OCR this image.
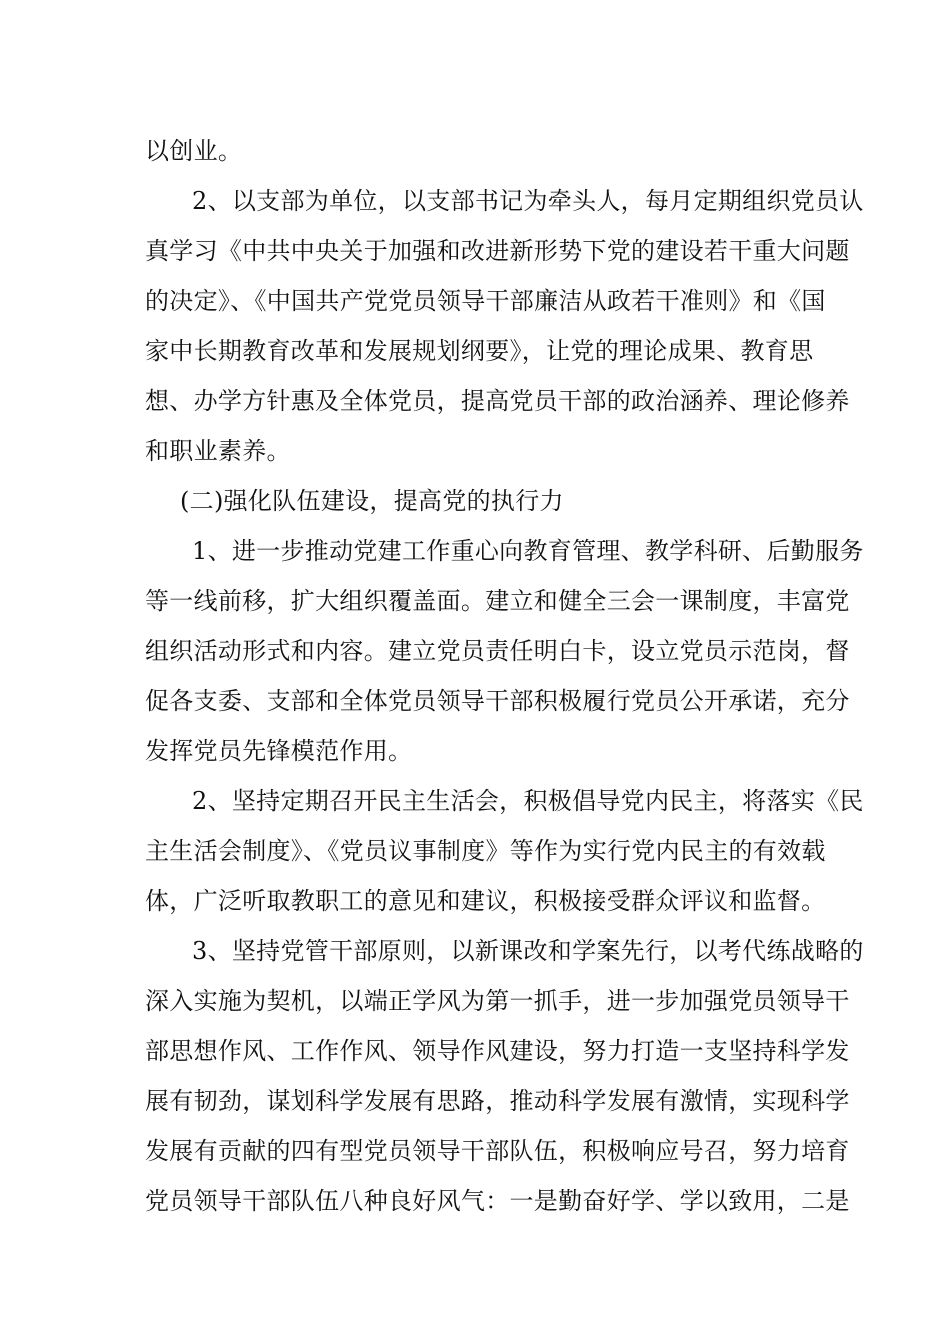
以创业。
2、以支部为单位，以支部书记为牵头人，每月定期组织党员认
真学习《中共中央关于加强和改进新形势下党的建设若干重大问题
的决定》、《中国共产党党员领导干部廉洁从政若干准则》和《国
家中长期教育改革和发展规划纲要》，让党的理论成果、教育思
想、办学方针惠及全体党员，提高党员干部的政治涵养、理论修养
和职业素养。
(二)强化队伍建设，提高党的执行力
1、进一步推动党建工作重心向教育管理、教学科研、后勤服务
等一线前移，扩大组织覆盖面。建立和健全三会一课制度，丰富党
组织活动形式和内容。建立党员责任明白卡，设立党员示范岗，督
促各支委、支部和全体党员领导干部积极履行党员公开承诺，充分
发挥党员先锋模范作用。
2、坚持定期召开民主生活会，积极倡导党内民主，将落实《民
主生活会制度》、《党员议事制度》等作为实行党内民主的有效载
体，广泛听取教职工的意见和建议，积极接受群众评议和监督。
3、坚持党管干部原则，以新课改和学案先行，以考代练战略的
深入实施为契机，以端正学风为第一抓手，进一步加强党员领导干
部思想作风、工作作风、领导作风建设，努力打造一支坚持科学发
展有韧劲，谋划科学发展有思路，推动科学发展有激情，实现科学
发展有贡献的四有型党员领导干部队伍，积极响应号召，努力培育
党员领导干部队伍八种良好风气：一是勤奋好学、学以致用，二是
